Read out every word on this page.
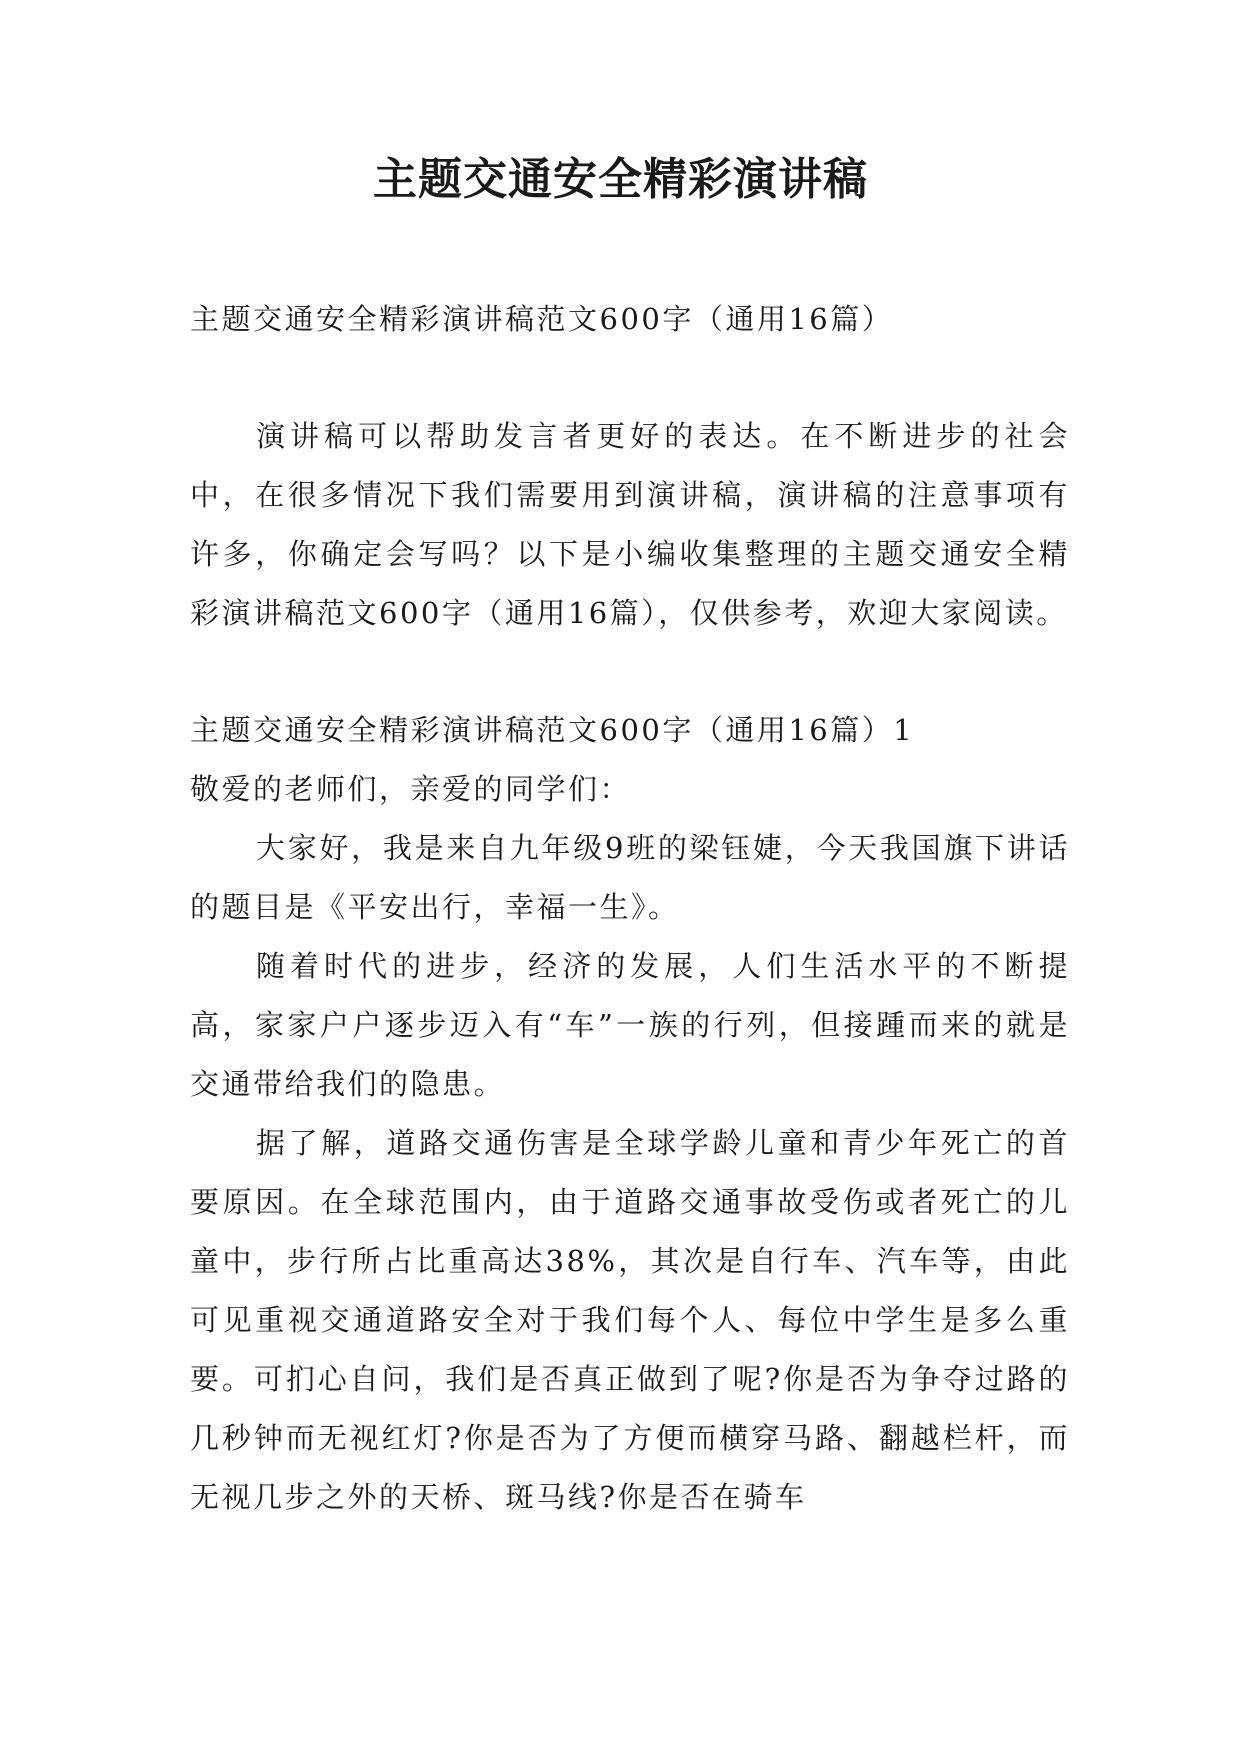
主题交通安全精彩演讲稿

主题交通安全精彩演讲稿范文600字（通用16篇）

演讲稿可以帮助发言者更好的表达。在不断进步的社会中，在很多情况下我们需要用到演讲稿，演讲稿的注意事项有许多，你确定会写吗？以下是小编收集整理的主题交通安全精彩演讲稿范文600字（通用16篇），仅供参考，欢迎大家阅读。

主题交通安全精彩演讲稿范文600字（通用16篇）1

敬爱的老师们，亲爱的同学们：

大家好，我是来自九年级9班的梁钰婕，今天我国旗下讲话的题目是《平安出行，幸福一生》。

随着时代的进步，经济的发展，人们生活水平的不断提高，家家户户逐步迈入有“车”一族的行列，但接踵而来的就是交通带给我们的隐患。

据了解，道路交通伤害是全球学龄儿童和青少年死亡的首要原因。在全球范围内，由于道路交通事故受伤或者死亡的儿童中，步行所占比重高达38%，其次是自行车、汽车等，由此可见重视交通道路安全对于我们每个人、每位中学生是多么重要。可扪心自问，我们是否真正做到了呢?你是否为争夺过路的几秒钟而无视红灯?你是否为了方便而横穿马路、翻越栏杆，而无视几步之外的天桥、斑马线?你是否在骑车
